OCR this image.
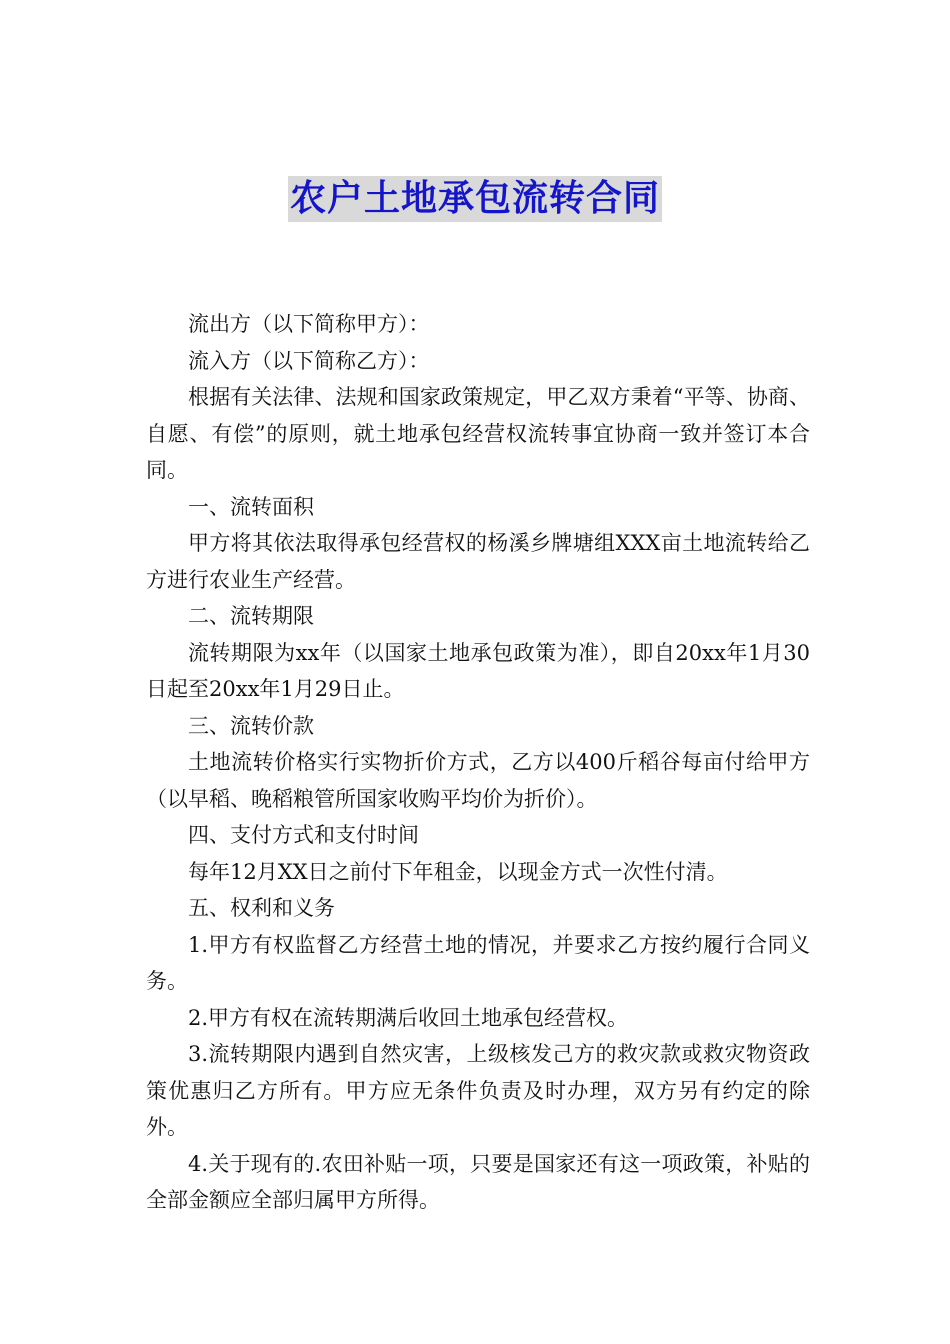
农户土地承包流转合同

流出方（以下简称甲方）：

流入方（以下简称乙方）：

根据有关法律、法规和国家政策规定，甲乙双方秉着“平等、协商、自愿、有偿”的原则，就土地承包经营权流转事宜协商一致并签订本合同。

一、流转面积

甲方将其依法取得承包经营权的杨溪乡牌塘组XXX亩土地流转给乙方进行农业生产经营。

二、流转期限

流转期限为xx年（以国家土地承包政策为准），即自20xx年1月30日起至20xx年1月29日止。

三、流转价款

土地流转价格实行实物折价方式，乙方以400斤稻谷每亩付给甲方（以早稻、晚稻粮管所国家收购平均价为折价）。

四、支付方式和支付时间

每年12月XX日之前付下年租金，以现金方式一次性付清。

五、权利和义务

1.甲方有权监督乙方经营土地的情况，并要求乙方按约履行合同义务。

2.甲方有权在流转期满后收回土地承包经营权。

3.流转期限内遇到自然灾害，上级核发己方的救灾款或救灾物资政策优惠归乙方所有。甲方应无条件负责及时办理，双方另有约定的除外。

4.关于现有的.农田补贴一项，只要是国家还有这一项政策，补贴的全部金额应全部归属甲方所得。
